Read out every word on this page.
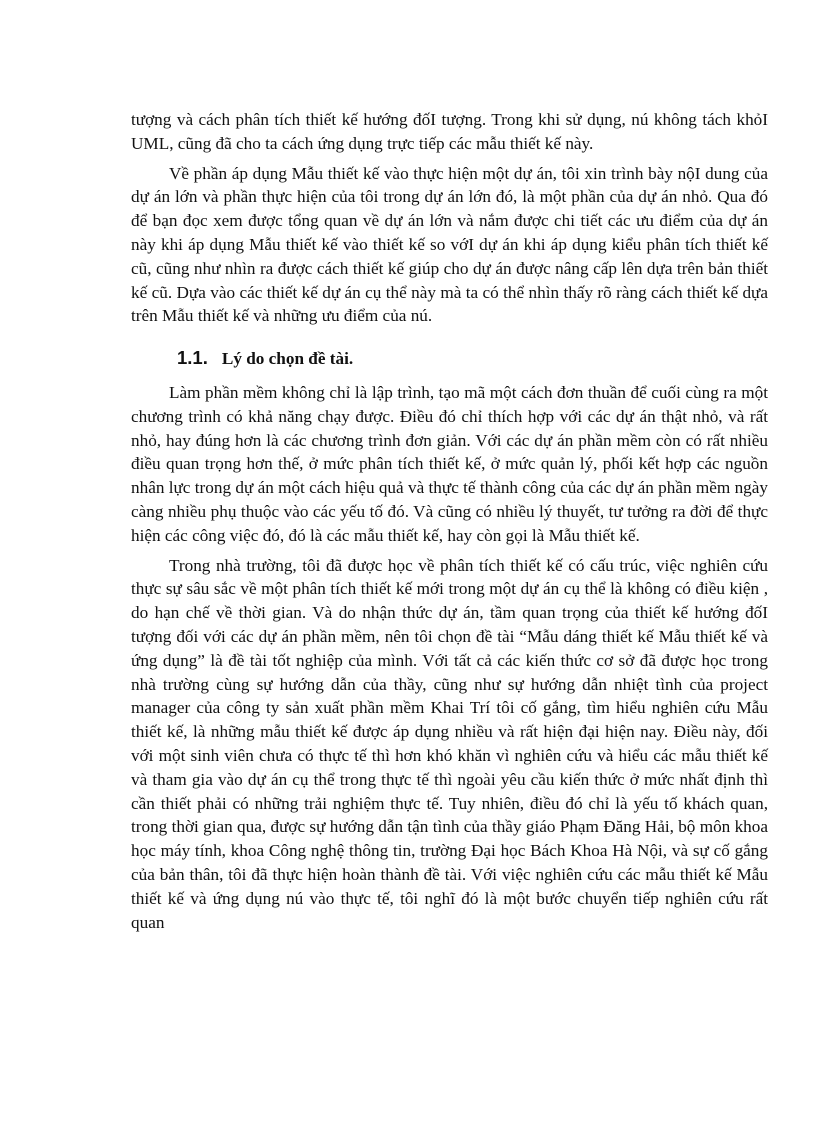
tượng và cách phân tích thiết kế hướng đốI tượng. Trong khi sử dụng, nú không tách khỏI UML, cũng đã cho ta cách ứng dụng trực tiếp các mẫu thiết kế này.

Về phần áp dụng Mẫu thiết kế vào thực hiện một dự án, tôi xin trình bày nộI dung của dự án lớn và phần thực hiện của tôi trong dự án lớn đó, là một phần của dự án nhỏ. Qua đó để bạn đọc xem được tổng quan về dự án lớn và nắm được chi tiết các ưu điểm của dự án này khi áp dụng Mẫu thiết kế vào thiết kế so vớI dự án khi áp dụng kiểu phân tích thiết kế cũ, cũng như nhìn ra được cách thiết kế giúp cho dự án được nâng cấp lên dựa trên bản thiết kế cũ. Dựa vào các thiết kế dự án cụ thể này mà ta có thể nhìn thấy rõ ràng cách thiết kế dựa trên Mẫu thiết kế và những ưu điểm của nú.

1.1. Lý do chọn đề tài.

Làm phần mềm không chỉ là lập trình, tạo mã một cách đơn thuần để cuối cùng ra một chương trình có khả năng chạy được. Điều đó chỉ thích hợp với các dự án thật nhỏ, và rất nhỏ, hay đúng hơn là các chương trình đơn giản. Với các dự án phần mềm còn có rất nhiều điều quan trọng hơn thế, ở mức phân tích thiết kế, ở mức quản lý, phối kết hợp các nguồn nhân lực trong dự án một cách hiệu quả và thực tế thành công của các dự án phần mềm ngày càng nhiều phụ thuộc vào các yếu tố đó. Và cũng có nhiều lý thuyết, tư tưởng ra đời để thực hiện các công việc đó, đó là các mẫu thiết kế, hay còn gọi là Mẫu thiết kế.

Trong nhà trường, tôi đã được học về phân tích thiết kế có cấu trúc, việc nghiên cứu thực sự sâu sắc về một phân tích thiết kế mới trong một dự án cụ thể là không có điều kiện , do hạn chế về thời gian. Và do nhận thức dự án, tầm quan trọng của thiết kế hướng đốI tượng đối với các dự án phần mềm, nên tôi chọn đề tài “Mẫu dáng thiết kế Mẫu thiết kế và ứng dụng” là đề tài tốt nghiệp của mình. Với tất cả các kiến thức cơ sở đã được học trong nhà trường cùng sự hướng dẫn của thầy, cũng như sự hướng dẫn nhiệt tình của project manager của công ty sản xuất phần mềm Khai Trí tôi cố gắng, tìm hiểu nghiên cứu Mẫu thiết kế, là những mẫu thiết kế được áp dụng nhiều và rất hiện đại hiện nay. Điều này, đối với một sinh viên chưa có thực tế thì hơn khó khăn vì nghiên cứu và hiểu các mẫu thiết kế và tham gia vào dự án cụ thể trong thực tế thì ngoài yêu cầu kiến thức ở mức nhất định thì cần thiết phải có những trải nghiệm thực tế. Tuy nhiên, điều đó chỉ là yếu tố khách quan, trong thời gian qua, được sự hướng dẫn tận tình của thầy giáo Phạm Đăng Hải, bộ môn khoa học máy tính, khoa Công nghệ thông tin, trường Đại học Bách Khoa Hà Nội, và sự cố gắng của bản thân, tôi đã thực hiện hoàn thành đề tài. Với việc nghiên cứu các mẫu thiết kế Mẫu thiết kế và ứng dụng nú vào thực tế, tôi nghĩ đó là một bước chuyển tiếp nghiên cứu rất quan
